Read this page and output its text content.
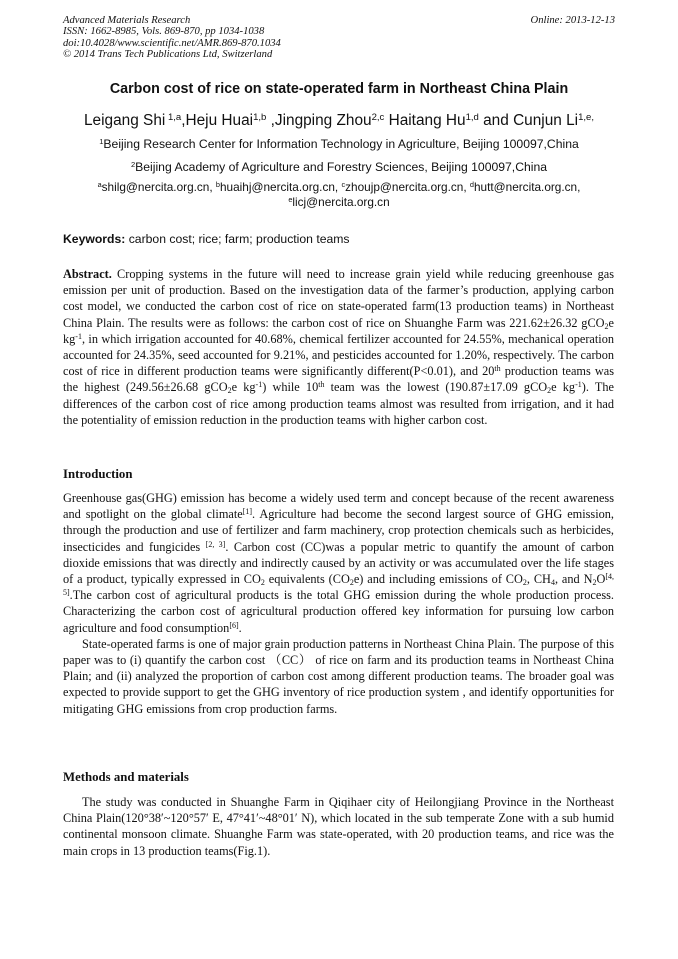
Advanced Materials Research
ISSN: 1662-8985, Vols. 869-870, pp 1034-1038
doi:10.4028/www.scientific.net/AMR.869-870.1034
© 2014 Trans Tech Publications Ltd, Switzerland
Online: 2013-12-13
Carbon cost of rice on state-operated farm in Northeast China Plain
Leigang Shi $^{1,a}$,Heju Huai$^{1,b}$ ,Jingping Zhou$^{2,c}$ Haitang Hu$^{1,d}$ and Cunjun $Li^{1,e,}$
$^1$Beijing Research Center for Information Technology in Agriculture, Beijing 100097,China
$^2$Beijing Academy of Agriculture and Forestry Sciences, Beijing 100097,China
$^a$shilg@nercita.org.cn, $^b$huaihj@nercita.org.cn, $^c$zhoujp@nercita.org.cn, $^d$hutt@nercita.org.cn,
$^e$licj@nercita.org.cn
Keywords: carbon cost; rice; farm; production teams

Abstract. Cropping systems in the future will need to increase grain yield while reducing greenhouse gas emission per unit of production. Based on the investigation data of the farmer’s production, applying carbon cost model, we conducted the carbon cost of rice on state-operated farm(13 production teams) in Northeast China Plain. The results were as follows: the carbon cost of rice on Shuanghe Farm was 221.62±26.32 gCO$_2$e $kg^{-1}$, in which irrigation accounted for 40.68%, chemical fertilizer accounted for 24.55%, mechanical operation accounted for 24.35%, seed accounted for 9.21%, and pesticides accounted for 1.20%, respectively. The carbon cost of rice in different production teams were significantly different(P<0.01), and 20th production teams was the highest (249.56±26.68 gCO$_2$e $kg^{-1}$) while 10th team was the lowest (190.87±17.09 gCO$_2$e $kg^{-1}$). The differences of the carbon cost of rice among production teams almost was resulted from irrigation, and it had the potentiality of emission reduction in the production teams with higher carbon cost.

Introduction

Greenhouse gas(GHG) emission has become a widely used term and concept because of the recent awareness and spotlight on the global climate[1]. Agriculture had become the second largest source of GHG emission, through the production and use of fertilizer and farm machinery, crop protection chemicals such as herbicides, insecticides and fungicides [2, 3]. Carbon cost (CC)was a popular metric to quantify the amount of carbon dioxide emissions that was directly and indirectly caused by an activity or was accumulated over the life stages of a product, typically expressed in $CO_2$ equivalents $(CO_2e)$ and including emissions of $CO_2$, $CH_4$, and $N_2O[4, 5].The$ carbon cost of agricultural products is the total GHG emission during the whole production process. Characterizing the carbon cost of agricultural production offered key information for pursuing low carbon agriculture and food consumption[6].

State-operated farms is one of major grain production patterns in Northeast China Plain. The purpose of this paper was to (i) quantify the carbon cost （CC） of rice on farm and its production teams in Northeast China Plain; and (ii) analyzed the proportion of carbon cost among different production teams. The broader goal was expected to provide support to get the GHG inventory of rice production system , and identify opportunities for mitigating GHG emissions from crop production farms.

Methods and materials

The study was conducted in Shuanghe Farm in Qiqihaer city of Heilongjiang Province in the Northeast China Plain(120°38′~120°57′ E, 47°41′~48°01′ N), which located in the sub temperate Zone with a sub humid continental monsoon climate. Shuanghe Farm was state-operated, with 20 production teams, and rice was the main crops in 13 production teams(Fig.1).
